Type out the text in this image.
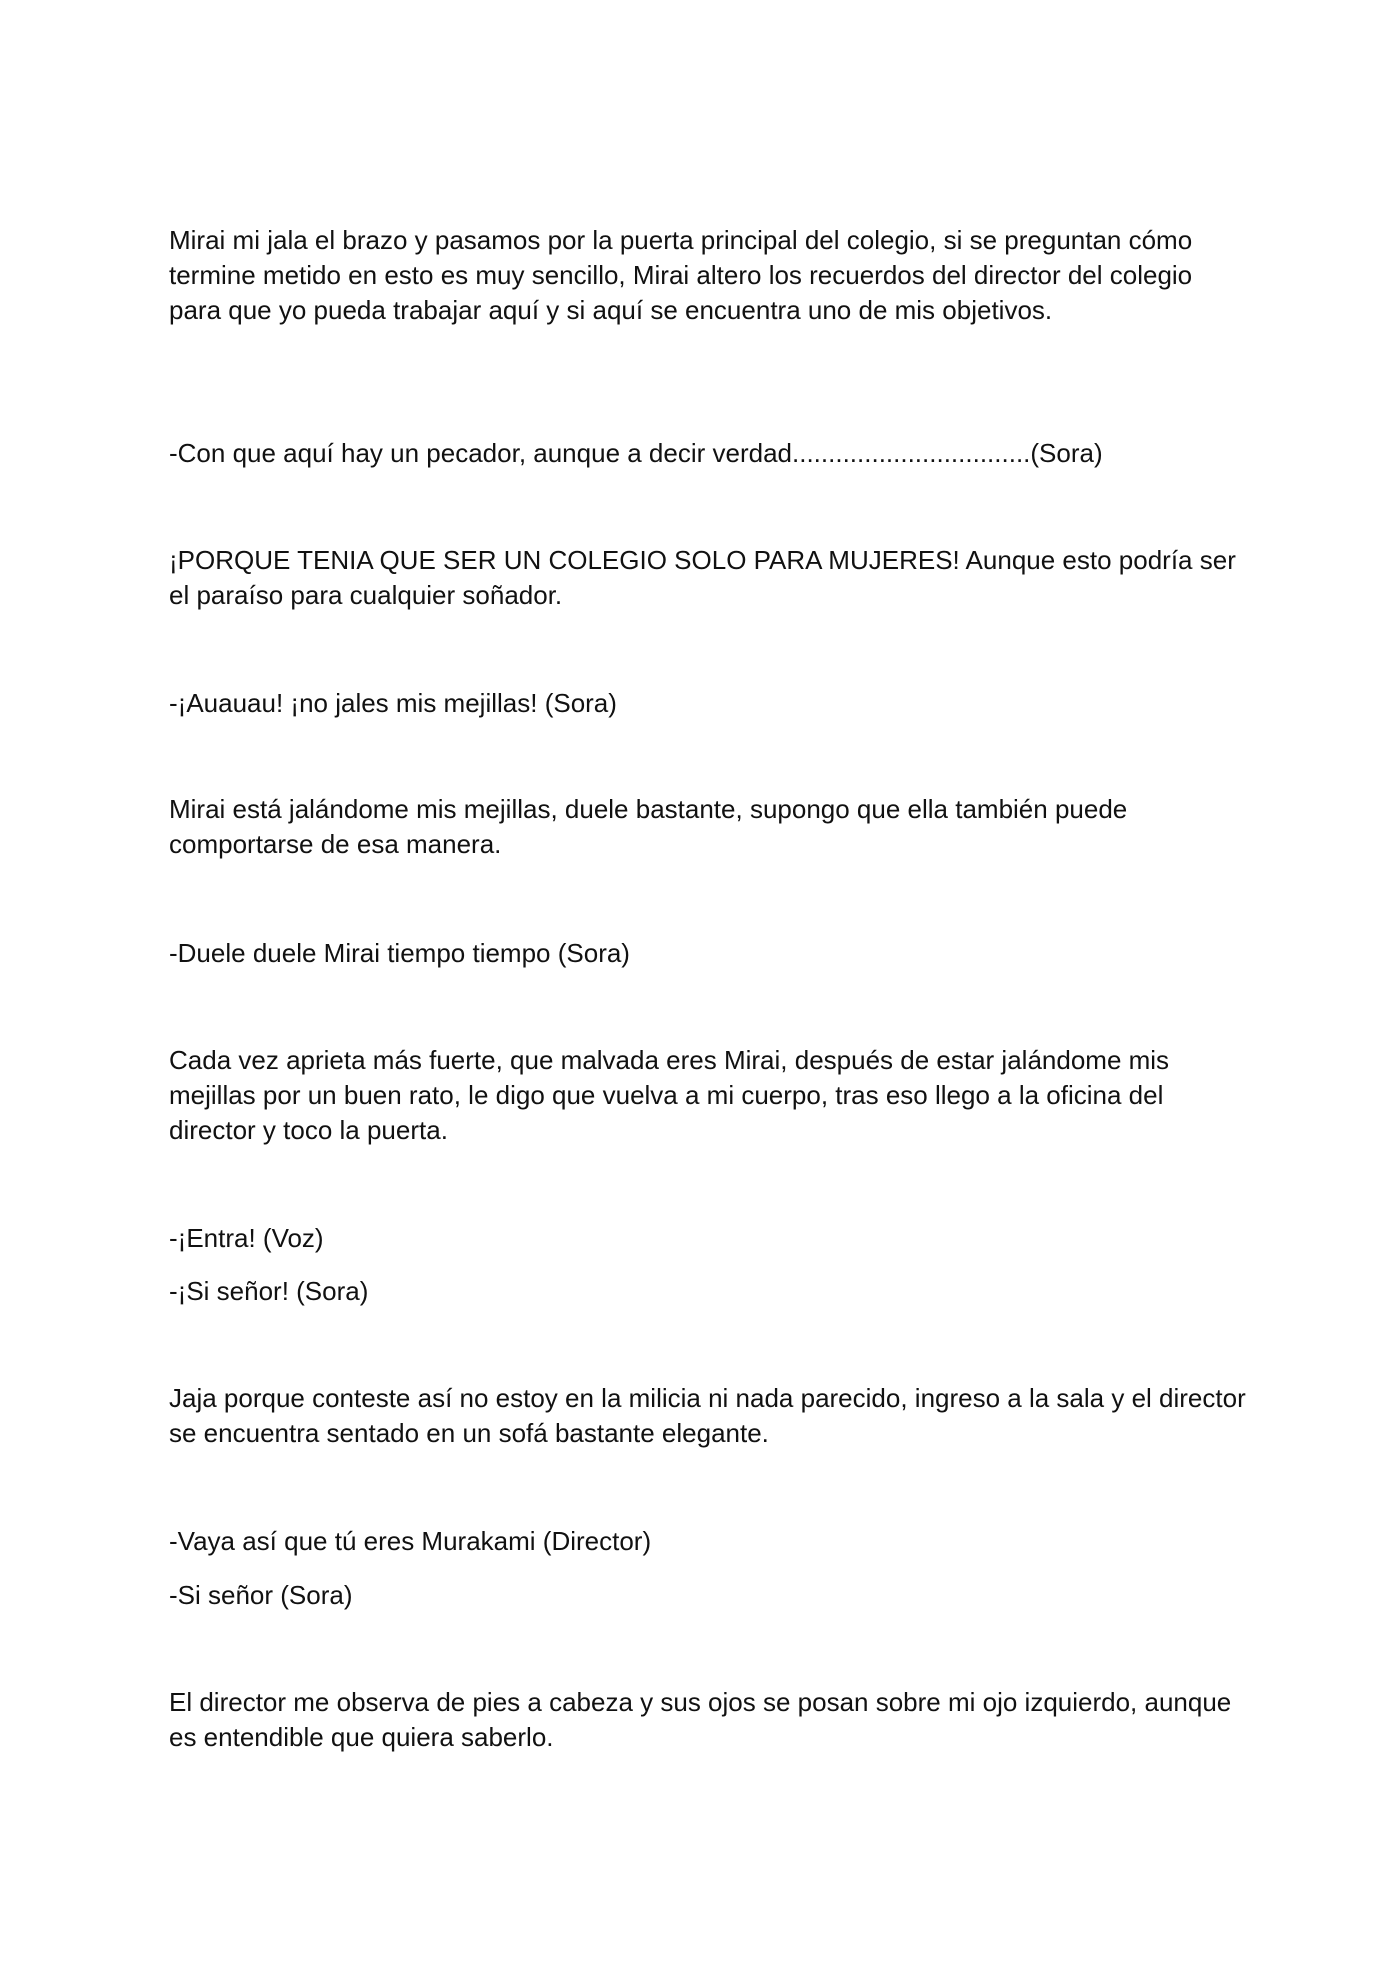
Mirai mi jala el brazo y pasamos por la puerta principal del colegio, si se preguntan cómo termine metido en esto es muy sencillo, Mirai altero los recuerdos del director del colegio para que yo pueda trabajar aquí y si aquí se encuentra uno de mis objetivos.

-Con que aquí hay un pecador, aunque a decir verdad.................................(Sora)

¡PORQUE TENIA QUE SER UN COLEGIO SOLO PARA MUJERES! Aunque esto podría ser el paraíso para cualquier soñador.

-¡Auauau! ¡no jales mis mejillas! (Sora)

Mirai está jalándome mis mejillas, duele bastante, supongo que ella también puede comportarse de esa manera.

-Duele duele Mirai tiempo tiempo (Sora)

Cada vez aprieta más fuerte, que malvada eres Mirai, después de estar jalándome mis mejillas por un buen rato, le digo que vuelva a mi cuerpo, tras eso llego a la oficina del director y toco la puerta.

-¡Entra! (Voz)

-¡Si señor! (Sora)

Jaja porque conteste así no estoy en la milicia ni nada parecido, ingreso a la sala y el director se encuentra sentado en un sofá bastante elegante.

-Vaya así que tú eres Murakami (Director)

-Si señor (Sora)

El director me observa de pies a cabeza y sus ojos se posan sobre mi ojo izquierdo, aunque es entendible que quiera saberlo.
